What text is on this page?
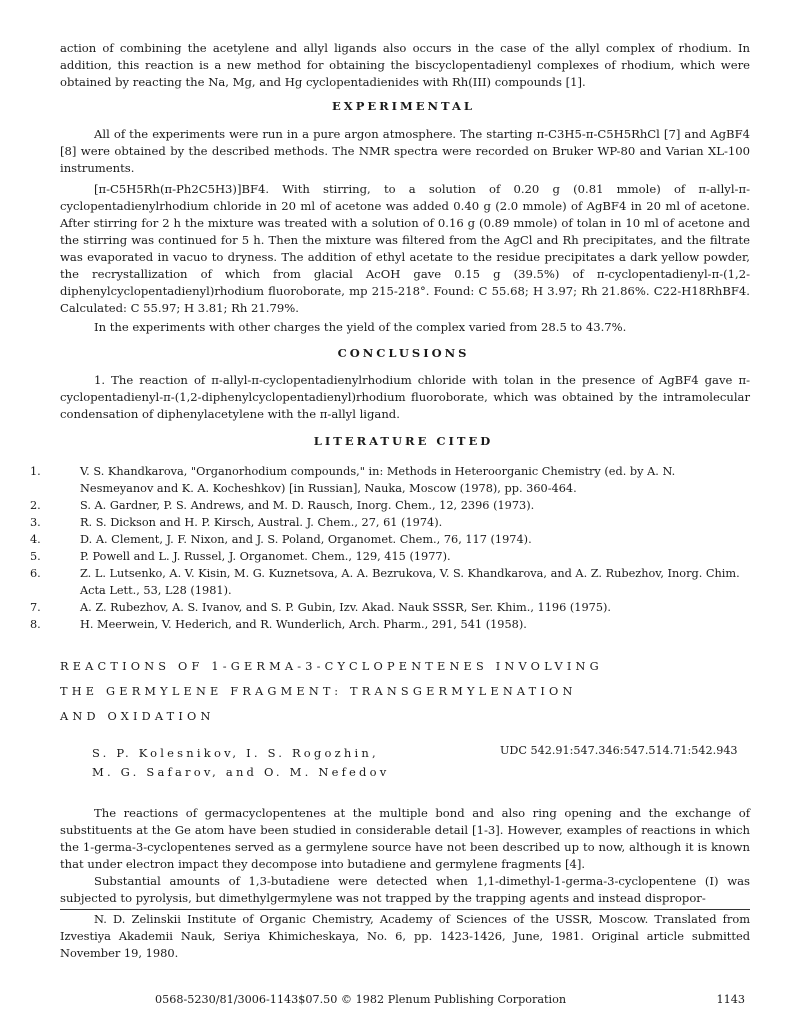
action of combining the acetylene and allyl ligands also occurs in the case of the allyl complex of rhodium. In addition, this reaction is a new method for obtaining the biscyclopentadienyl complexes of rhodium, which were obtained by reacting the Na, Mg, and Hg cyclopentadienides with Rh(III) compounds [1].

EXPERIMENTAL

All of the experiments were run in a pure argon atmosphere. The starting π-C3H5-π-C5H5RhCl [7] and AgBF4 [8] were obtained by the described methods. The NMR spectra were recorded on Bruker WP-80 and Varian XL-100 instruments.

[π-C5H5Rh(π-Ph2C5H3)]BF4. With stirring, to a solution of 0.20 g (0.81 mmole) of π-allyl-π-cyclopentadienylrhodium chloride in 20 ml of acetone was added 0.40 g (2.0 mmole) of AgBF4 in 20 ml of acetone. After stirring for 2 h the mixture was treated with a solution of 0.16 g (0.89 mmole) of tolan in 10 ml of acetone and the stirring was continued for 5 h. Then the mixture was filtered from the AgCl and Rh precipitates, and the filtrate was evaporated in vacuo to dryness. The addition of ethyl acetate to the residue precipitates a dark yellow powder, the recrystallization of which from glacial AcOH gave 0.15 g (39.5%) of π-cyclopentadienyl-π-(1,2-diphenylcyclopentadienyl)rhodium fluoroborate, mp 215-218°. Found: C 55.68; H 3.97; Rh 21.86%. C22-H18RhBF4. Calculated: C 55.97; H 3.81; Rh 21.79%.

In the experiments with other charges the yield of the complex varied from 28.5 to 43.7%.

CONCLUSIONS

1. The reaction of π-allyl-π-cyclopentadienylrhodium chloride with tolan in the presence of AgBF4 gave π-cyclopentadienyl-π-(1,2-diphenylcyclopentadienyl)rhodium fluoroborate, which was obtained by the intramolecular condensation of diphenylacetylene with the π-allyl ligand.

LITERATURE CITED
1.	V. S. Khandkarova, "Organorhodium compounds," in: Methods in Heteroorganic Chemistry (ed. by A. N. Nesmeyanov and K. A. Kocheshkov) [in Russian], Nauka, Moscow (1978), pp. 360-464.
2.	S. A. Gardner, P. S. Andrews, and M. D. Rausch, Inorg. Chem., 12, 2396 (1973).
3.	R. S. Dickson and H. P. Kirsch, Austral. J. Chem., 27, 61 (1974).
4.	D. A. Clement, J. F. Nixon, and J. S. Poland, Organomet. Chem., 76, 117 (1974).
5.	P. Powell and L. J. Russel, J. Organomet. Chem., 129, 415 (1977).
6.	Z. L. Lutsenko, A. V. Kisin, M. G. Kuznetsova, A. A. Bezrukova, V. S. Khandkarova, and A. Z. Rubezhov, Inorg. Chim. Acta Lett., 53, L28 (1981).
7.	A. Z. Rubezhov, A. S. Ivanov, and S. P. Gubin, Izv. Akad. Nauk SSSR, Ser. Khim., 1196 (1975).
8.	H. Meerwein, V. Hederich, and R. Wunderlich, Arch. Pharm., 291, 541 (1958).

REACTIONS OF 1-GERMA-3-CYCLOPENTENES INVOLVING

THE GERMYLENE FRAGMENT: TRANSGERMYLENATION

AND OXIDATION

S. P. Kolesnikov, I. S. Rogozhin,
M. G. Safarov, and O. M. Nefedov

UDC 542.91:547.346:547.514.71:542.943

The reactions of germacyclopentenes at the multiple bond and also ring opening and the exchange of substituents at the Ge atom have been studied in considerable detail [1-3]. However, examples of reactions in which the 1-germa-3-cyclopentenes served as a germylene source have not been described up to now, although it is known that under electron impact they decompose into butadiene and germylene fragments [4].

Substantial amounts of 1,3-butadiene were detected when 1,1-dimethyl-1-germa-3-cyclopentene (I) was subjected to pyrolysis, but dimethylgermylene was not trapped by the trapping agents and instead dispropor-

N. D. Zelinskii Institute of Organic Chemistry, Academy of Sciences of the USSR, Moscow. Translated from Izvestiya Akademii Nauk, Seriya Khimicheskaya, No. 6, pp. 1423-1426, June, 1981. Original article submitted November 19, 1980.

0568-5230/81/3006-1143$07.50 © 1982 Plenum Publishing Corporation	1143
